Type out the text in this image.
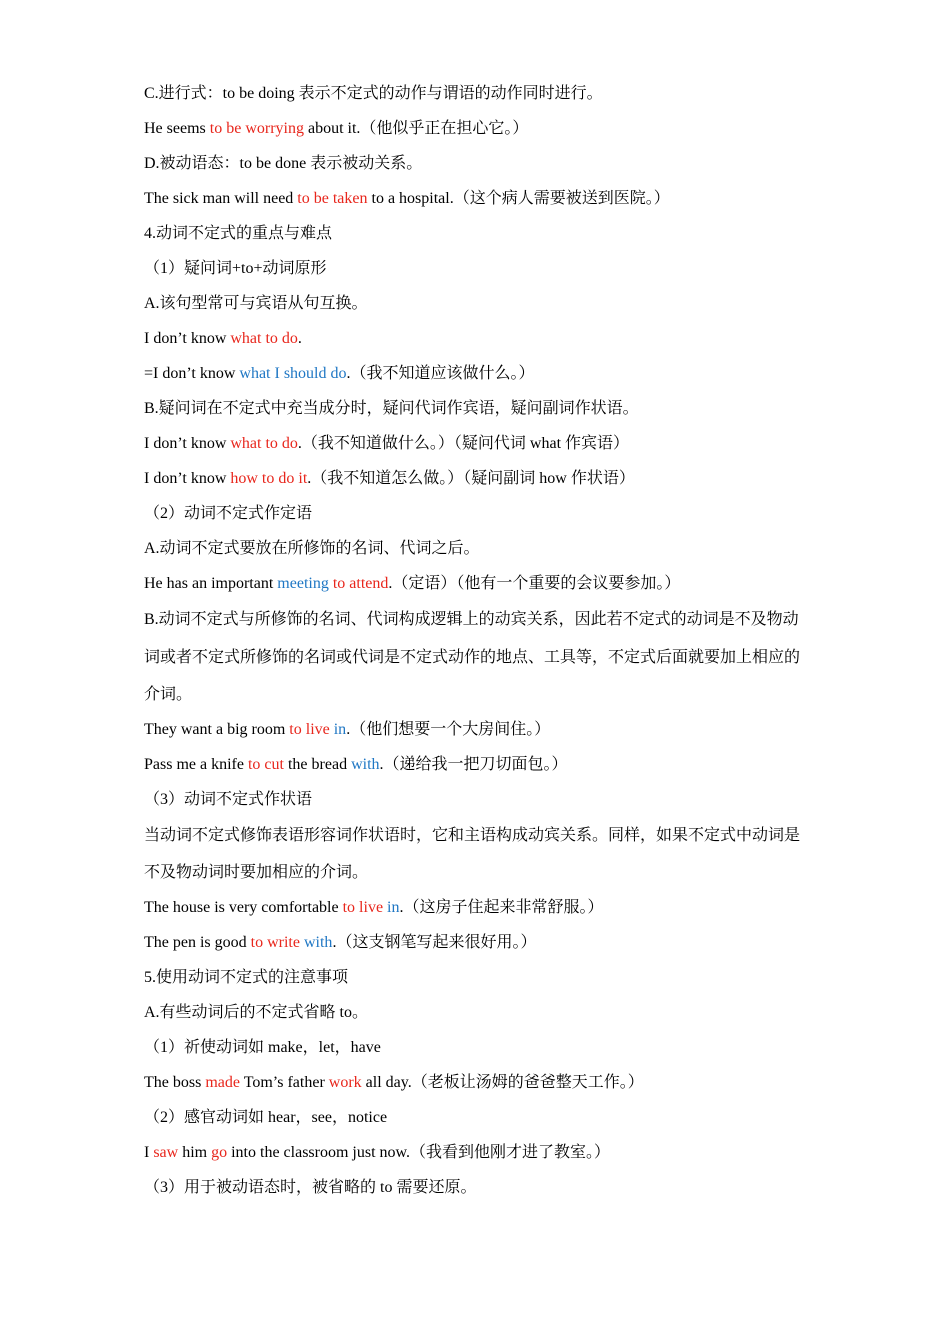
C.进行式：to be doing 表示不定式的动作与谓语的动作同时进行。
He seems to be worrying about it.（他似乎正在担心它。）
D.被动语态：to be done 表示被动关系。
The sick man will need to be taken to a hospital.（这个病人需要被送到医院。）
4.动词不定式的重点与难点
（1）疑问词+to+动词原形
A.该句型常可与宾语从句互换。
I don’t know what to do.
=I don’t know what I should do.（我不知道应该做什么。）
B.疑问词在不定式中充当成分时，疑问代词作宾语，疑问副词作状语。
I don’t know what to do.（我不知道做什么。）（疑问代词 what 作宾语）
I don’t know how to do it.（我不知道怎么做。）（疑问副词 how 作状语）
（2）动词不定式作定语
A.动词不定式要放在所修饰的名词、代词之后。
He has an important meeting to attend.（定语）（他有一个重要的会议要参加。）
B.动词不定式与所修饰的名词、代词构成逻辑上的动宾关系，因此若不定式的动词是不及物动词或者不定式所修饰的名词或代词是不定式动作的地点、工具等，不定式后面就要加上相应的介词。
They want a big room to live in.（他们想要一个大房间住。）
Pass me a knife to cut the bread with.（递给我一把刀切面包。）
（3）动词不定式作状语
当动词不定式修饰表语形容词作状语时，它和主语构成动宾关系。同样，如果不定式中动词是不及物动词时要加相应的介词。
The house is very comfortable to live in.（这房子住起来非常舒服。）
The pen is good to write with.（这支钢笔写起来很好用。）
5.使用动词不定式的注意事项
A.有些动词后的不定式省略 to。
（1）祈使动词如 make，let，have
The boss made Tom’s father work all day.（老板让汤姆的爸爸整天工作。）
（2）感官动词如 hear，see，notice
I saw him go into the classroom just now.（我看到他刚才进了教室。）
（3）用于被动语态时，被省略的 to 需要还原。
